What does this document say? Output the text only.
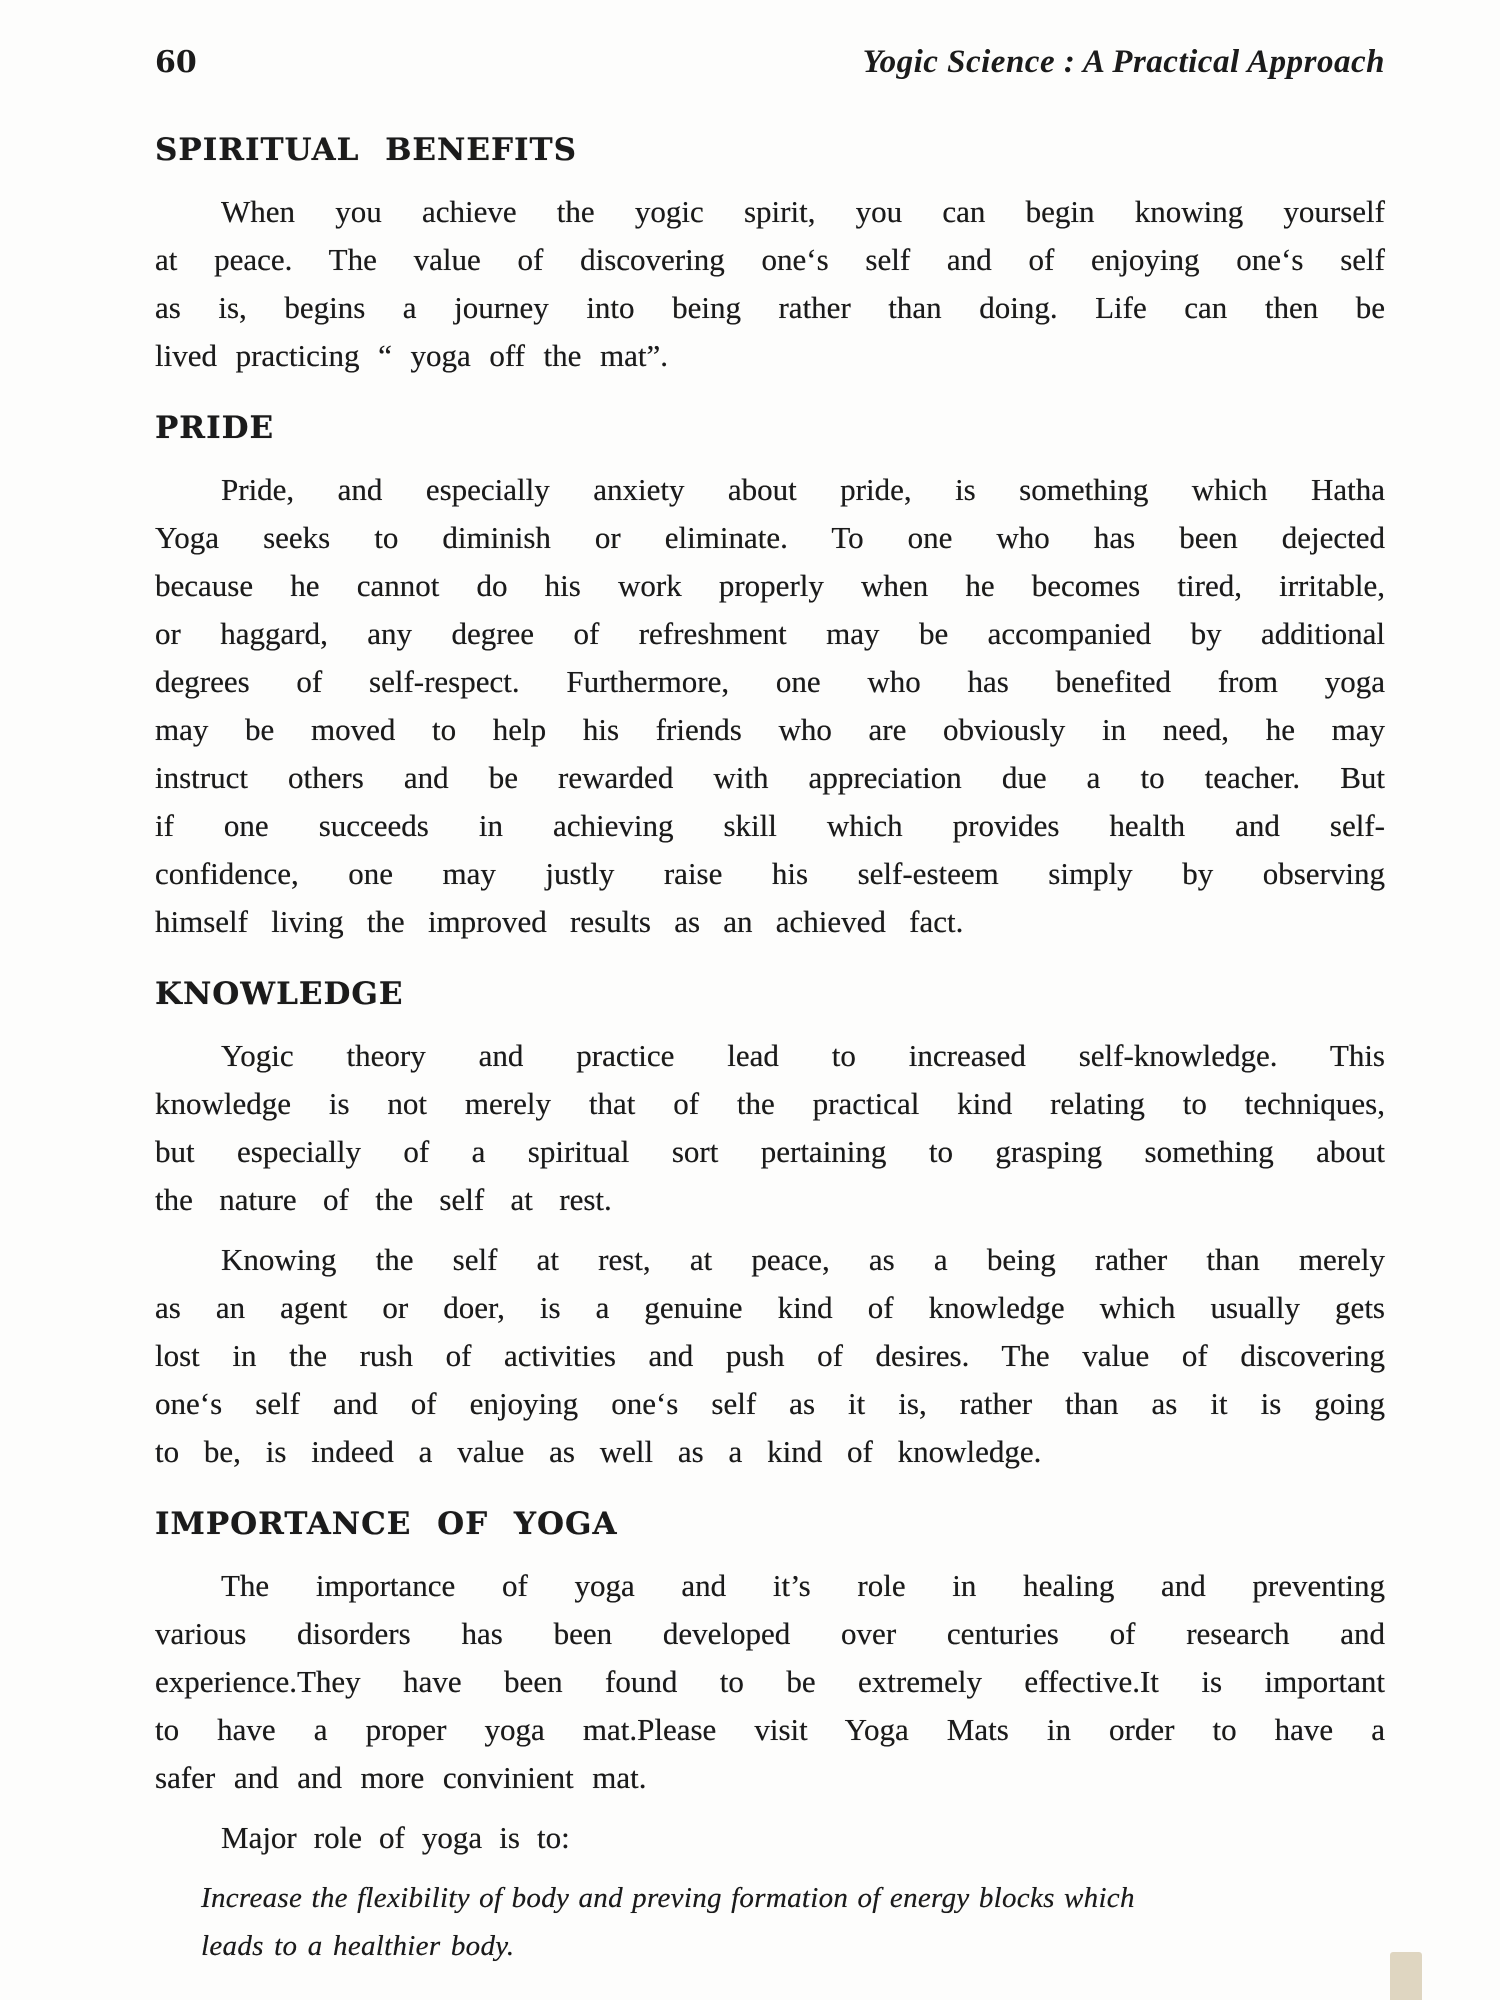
60	Yogic Science : A Practical Approach
SPIRITUAL BENEFITS
When you achieve the yogic spirit, you can begin knowing yourself
at peace. The value of discovering one‘s self and of enjoying one‘s self
as is, begins a journey into being rather than doing. Life can then be
lived practicing “ yoga off the mat”.
PRIDE
Pride, and especially anxiety about pride, is something which Hatha
Yoga seeks to diminish or eliminate. To one who has been dejected
because he cannot do his work properly when he becomes tired, irritable,
or haggard, any degree of refreshment may be accompanied by additional
degrees of self-respect. Furthermore, one who has benefited from yoga
may be moved to help his friends who are obviously in need, he may
instruct others and be rewarded with appreciation due a to teacher. But
if one succeeds in achieving skill which provides health and self-
confidence, one may justly raise his self-esteem simply by observing
himself living the improved results as an achieved fact.
KNOWLEDGE
Yogic theory and practice lead to increased self-knowledge. This
knowledge is not merely that of the practical kind relating to techniques,
but especially of a spiritual sort pertaining to grasping something about
the nature of the self at rest.
Knowing the self at rest, at peace, as a being rather than merely
as an agent or doer, is a genuine kind of knowledge which usually gets
lost in the rush of activities and push of desires. The value of discovering
one‘s self and of enjoying one‘s self as it is, rather than as it is going
to be, is indeed a value as well as a kind of knowledge.
IMPORTANCE OF YOGA
The importance of yoga and it’s role in healing and preventing
various disorders has been developed over centuries of research and
experience.They have been found to be extremely effective.It is important
to have a proper yoga mat.Please visit Yoga Mats in order to have a
safer and and more convinient mat.
Major role of yoga is to:
Increase the flexibility of body and preving formation of energy blocks which
leads to a healthier body.
